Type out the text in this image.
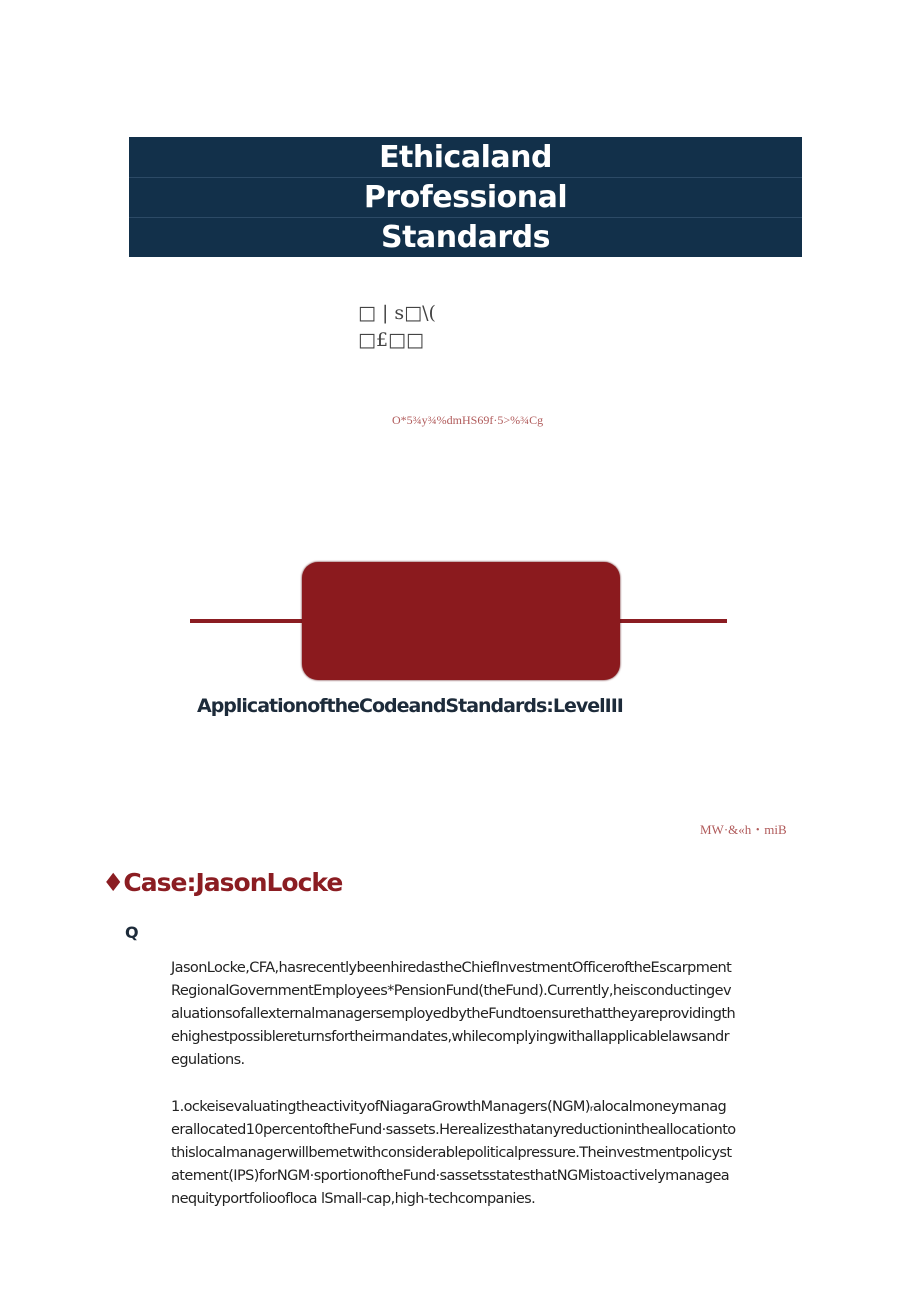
Ethicaland
Professional
Standards
□ | s□\(
□£□□
O*5¾y¾%dmHS69f·5>%¾Cg
ApplicationoftheCodeandStandards:LevelIII
MW·&«h・miB
♦Case:JasonLocke
Q
JasonLocke,CFA,hasrecentlybeenhiredastheChiefInvestmentOfficeroftheEscarpment
RegionalGovernmentEmployees*PensionFund(theFund).Currently,heisconductingev
aluationsofallexternalmanagersemployedbytheFundtoensurethattheyareprovidingth
ehighestpossiblereturnsfortheirmandates,whilecomplyingwithallapplicablelawsandr
egulations.
1.ockeisevaluatingtheactivityofNiagaraGrowthManagers(NGM)ᵣalocalmoneymanag
erallocated10percentoftheFund·sassets.Herealizesthatanyreductionintheallocationto
thislocalmanagerwillbemetwithconsiderablepoliticalpressure.Theinvestmentpolicyst
atement(IPS)forNGM·sportionoftheFund·sassetsstatesthatNGMistoactivelymanagea
nequityportfolioofloca lSmall-cap,high-techcompanies.
